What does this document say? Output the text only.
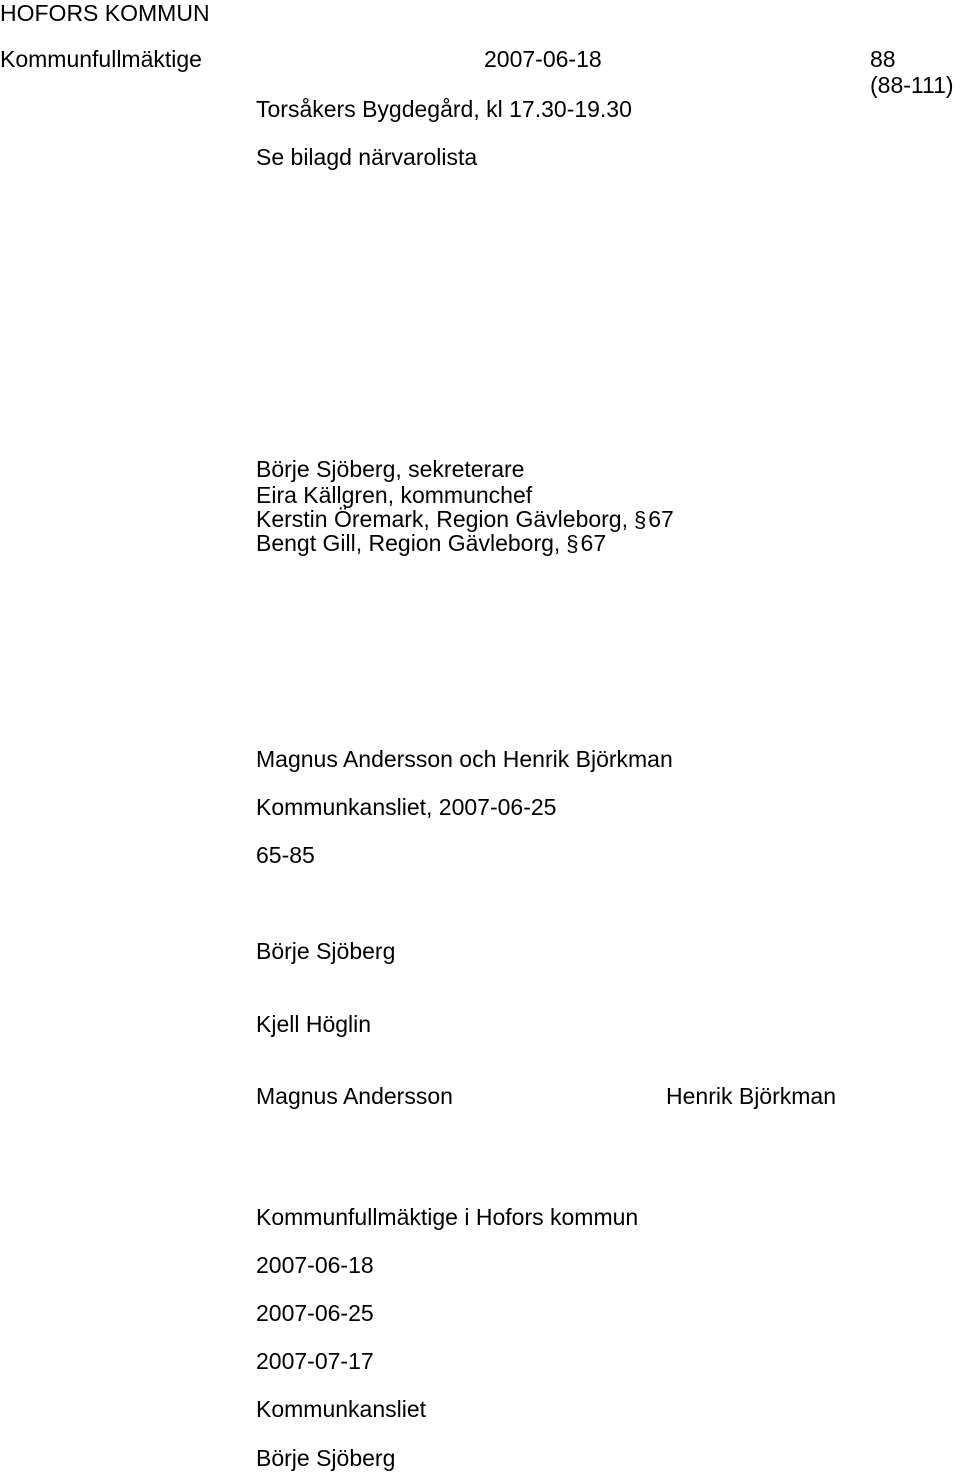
HOFORS KOMMUN
Kommunfullmäktige	2007-06-18	88
(88-111)
Torsåkers Bygdegård, kl 17.30-19.30
Se bilagd närvarolista
Börje Sjöberg, sekreterare
Eira Källgren, kommunchef
Kerstin Öremark, Region Gävleborg, §67
Bengt Gill, Region Gävleborg, §67
Magnus Andersson och Henrik Björkman
Kommunkansliet, 2007-06-25
65-85
Börje Sjöberg
Kjell Höglin
Magnus Andersson	Henrik Björkman
Kommunfullmäktige i Hofors kommun
2007-06-18
2007-06-25
2007-07-17
Kommunkansliet
Börje Sjöberg
